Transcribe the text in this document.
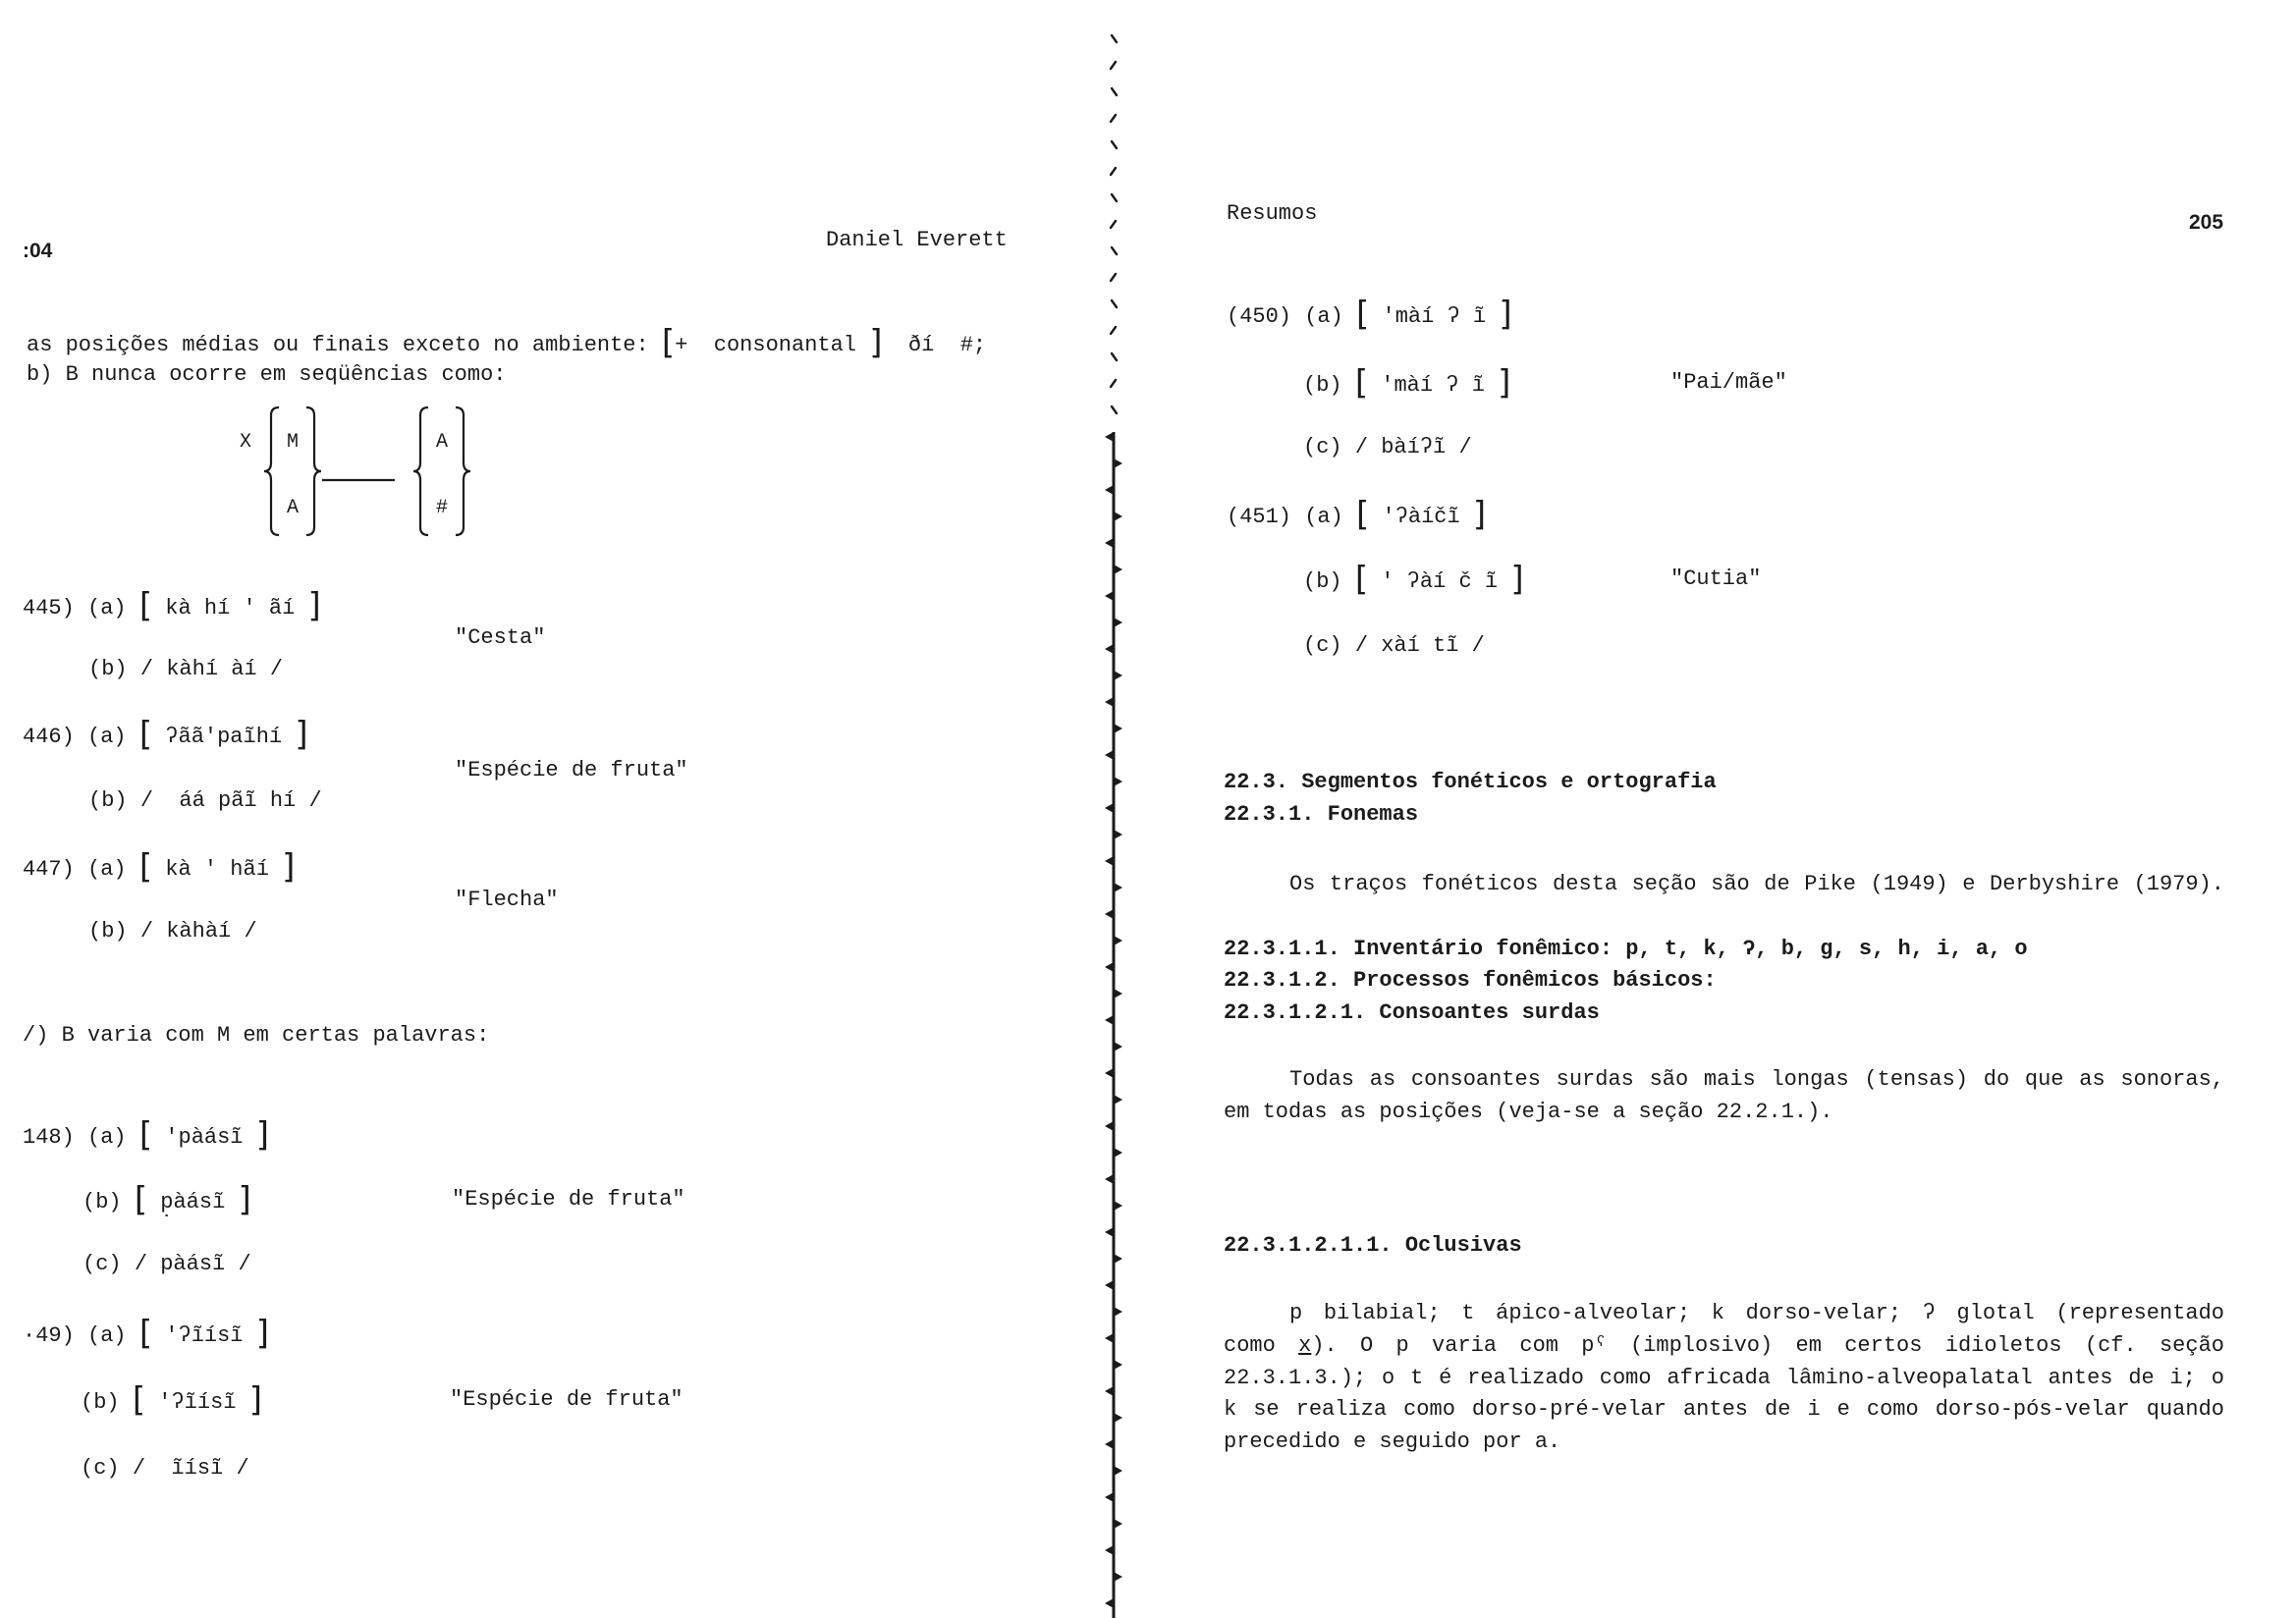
:04	Daniel Everett
as posições médias ou finais exceto no ambiente: [+  consonantal ]  ðí  #;
b) B nunca ocorre em seqüências como:
X M
A
A
#
445) (a) [ kà hí ' ãí ]
"Cesta"
(b) / kàhí àí /
446) (a) [ ʔãã'paĩhí ]
"Espécie de fruta"
(b) /  áá pãĩ hí /
447) (a) [ kà ' hãí ]
"Flecha"
(b) / kàhàí /
/) B varia com M em certas palavras:
148) (a) [ 'pàásĩ ]
(b) [ p̣àásĩ ]	"Espécie de fruta"
(c) / pàásĩ /
·49) (a) [ 'ʔĩísĩ ]
(b) [ 'ʔĩísĩ ]	"Espécie de fruta"
(c) /  ĩísĩ /
Resumos	205
(450) (a) [ 'màí ʔ ĩ ]
(b) [ 'màí ʔ ĩ ]	"Pai/mãe"
(c) / bàíʔĩ /
(451) (a) [ 'ʔàíčĩ ]
(b) [ ' ʔàí č ĩ ]	"Cutia"
(c) / xàí tĩ /
22.3. Segmentos fonéticos e ortografia
22.3.1. Fonemas
Os traços fonéticos desta seção são de Pike (1949) e Derbyshire (1979).
22.3.1.1. Inventário fonêmico: p, t, k, ʔ, b, g, s, h, i, a, o
22.3.1.2. Processos fonêmicos básicos:
22.3.1.2.1. Consoantes surdas
Todas as consoantes surdas são mais longas (tensas) do que as sonoras,
em todas as posições (veja-se a seção 22.2.1.).
22.3.1.2.1.1. Oclusivas
p bilabial; t ápico-alveolar; k dorso-velar; ʔ glotal (representado
como x). O p varia com pˤ (implosivo) em certos idioletos (cf. seção
22.3.1.3.); o t é realizado como africada lâmino-alveopalatal antes de i; o
k se realiza como dorso-pré-velar antes de i e como dorso-pós-velar quando
precedido e seguido por a.
